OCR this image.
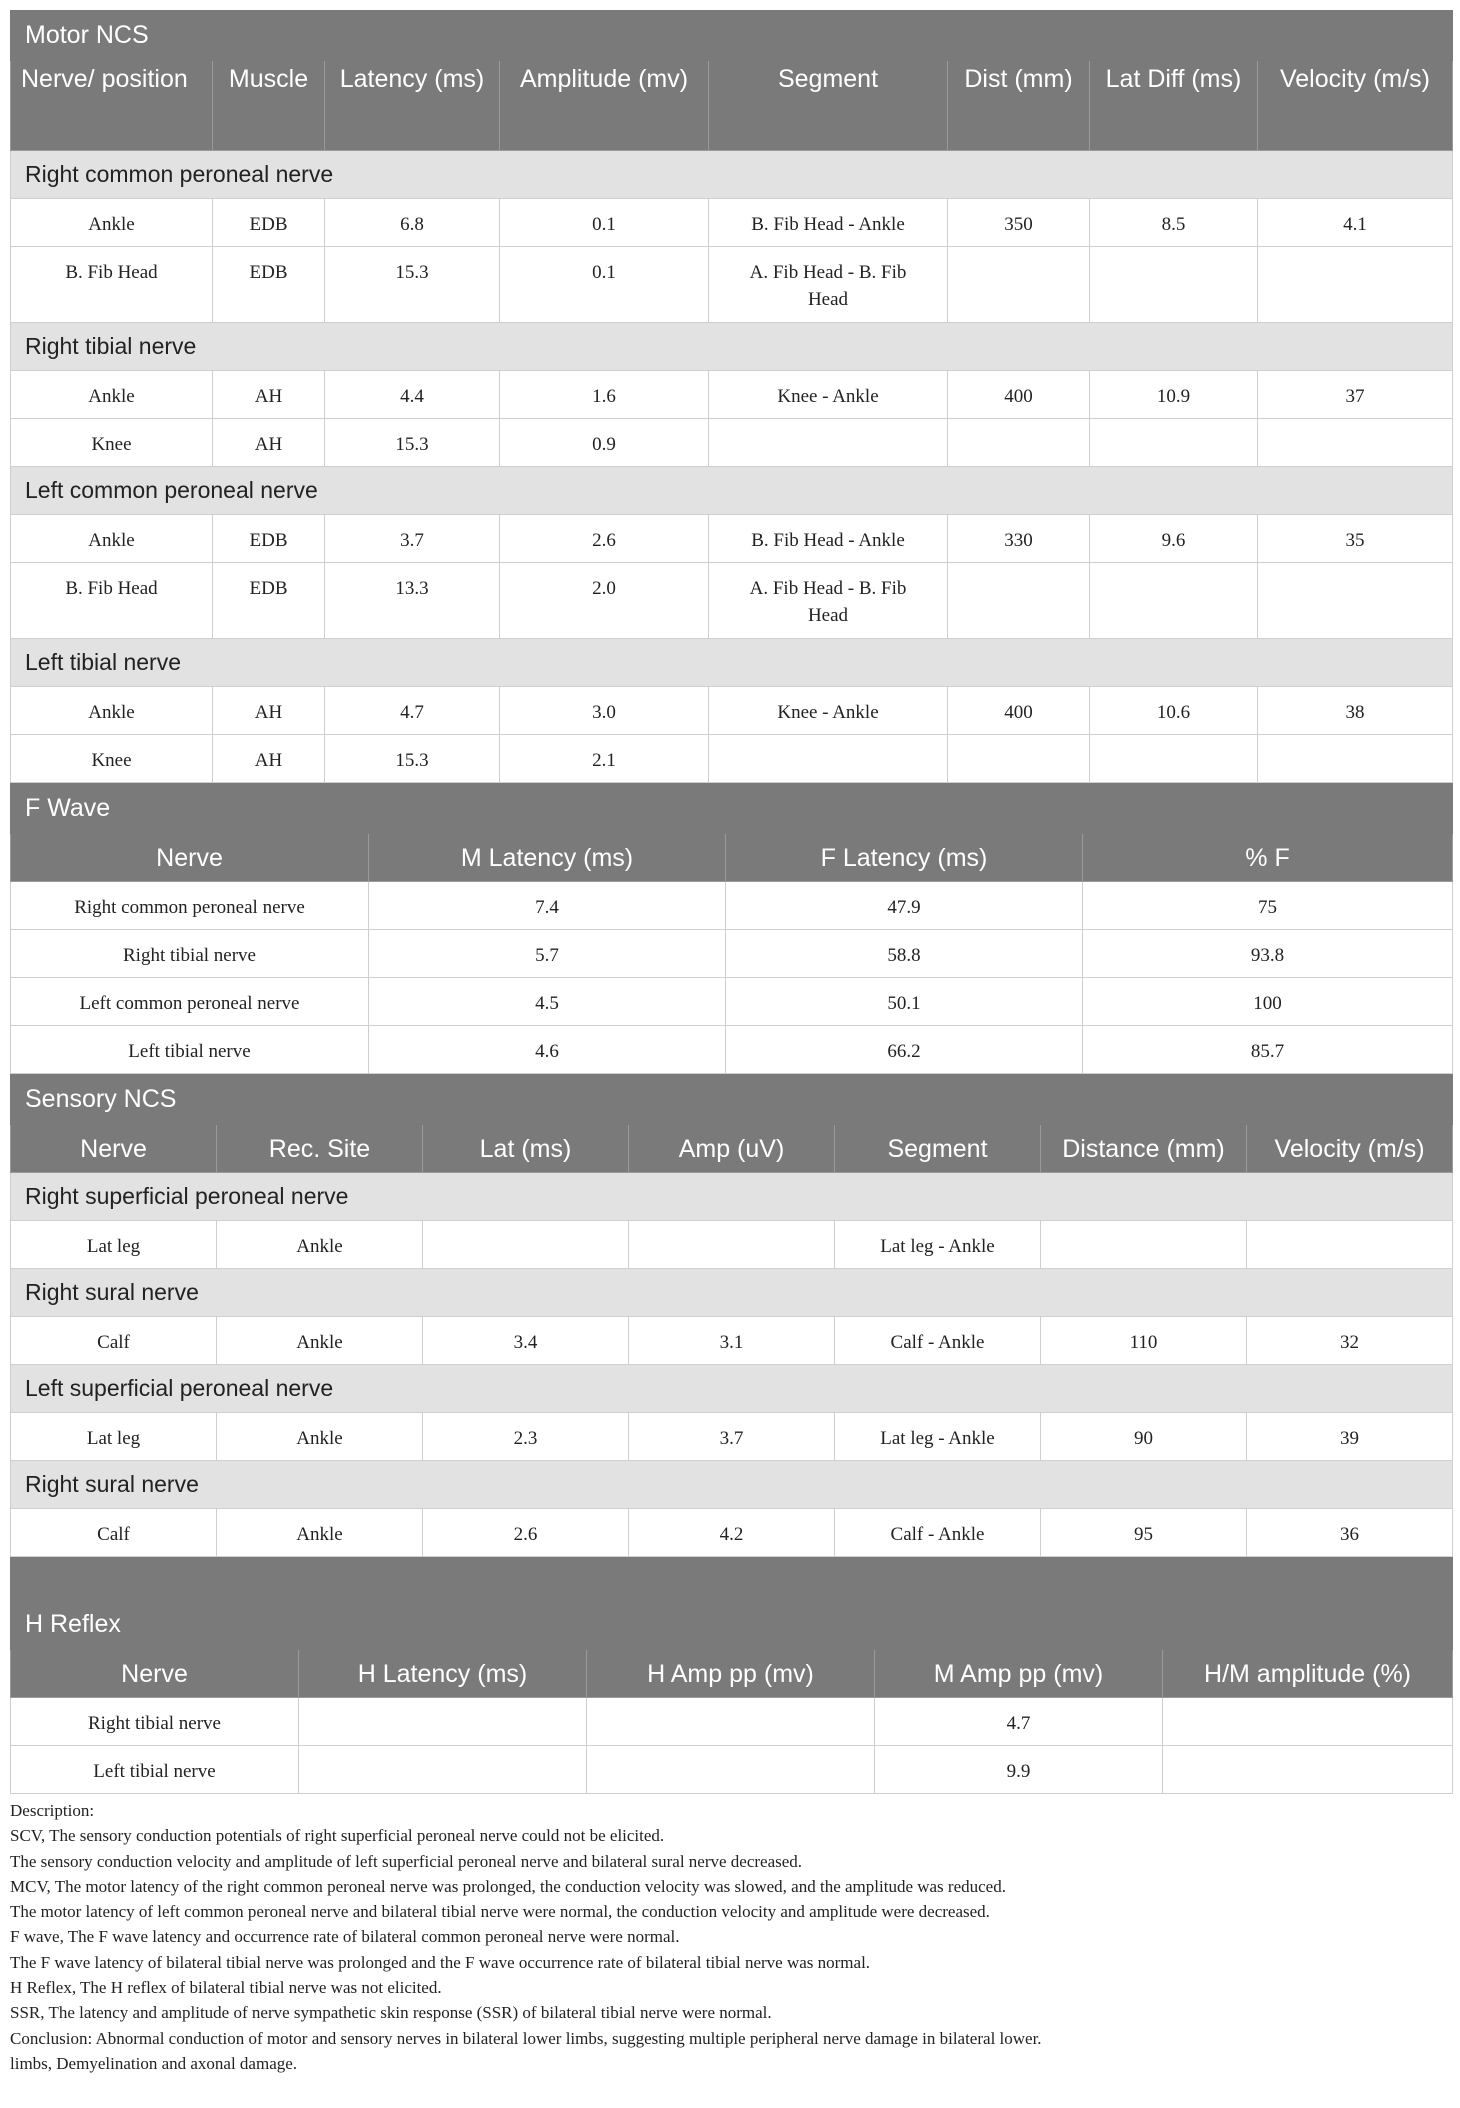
Motor NCS							
Nerve/ position	Muscle	Latency (ms)	Amplitude (mv)	Segment	Dist (mm)	Lat Diff (ms)	Velocity (m/s)
Right common peroneal nerve							
Ankle	EDB	6.8	0.1	B. Fib Head - Ankle	350	8.5	4.1
B. Fib Head	EDB	15.3	0.1	A. Fib Head - B. Fib Head			
Right tibial nerve							
Ankle	AH	4.4	1.6	Knee - Ankle	400	10.9	37
Knee	AH	15.3	0.9				
Left common peroneal nerve							
Ankle	EDB	3.7	2.6	B. Fib Head - Ankle	330	9.6	35
B. Fib Head	EDB	13.3	2.0	A. Fib Head - B. Fib Head			
Left tibial nerve							
Ankle	AH	4.7	3.0	Knee - Ankle	400	10.6	38
Knee	AH	15.3	2.1				
F Wave			
Nerve	M Latency (ms)	F Latency (ms)	% F
Right common peroneal nerve	7.4	47.9	75
Right tibial nerve	5.7	58.8	93.8
Left common peroneal nerve	4.5	50.1	100
Left tibial nerve	4.6	66.2	85.7
Sensory NCS						
Nerve	Rec. Site	Lat (ms)	Amp (uV)	Segment	Distance (mm)	Velocity (m/s)
Right superficial peroneal nerve						
Lat leg	Ankle			Lat leg - Ankle		
Right sural nerve						
Calf	Ankle	3.4	3.1	Calf - Ankle	110	32
Left superficial peroneal nerve						
Lat leg	Ankle	2.3	3.7	Lat leg - Ankle	90	39
Right sural nerve						
Calf	Ankle	2.6	4.2	Calf - Ankle	95	36

H Reflex				
Nerve	H Latency (ms)	H Amp pp (mv)	M Amp pp (mv)	H/M amplitude (%)
Right tibial nerve			4.7	
Left tibial nerve			9.9	
Description:
SCV, The sensory conduction potentials of right superficial peroneal nerve could not be elicited.
The sensory conduction velocity and amplitude of left superficial peroneal nerve and bilateral sural nerve decreased.
MCV, The motor latency of the right common peroneal nerve was prolonged, the conduction velocity was slowed, and the amplitude was reduced.
The motor latency of left common peroneal nerve and bilateral tibial nerve were normal, the conduction velocity and amplitude were decreased.
F wave, The F wave latency and occurrence rate of bilateral common peroneal nerve were normal.
The F wave latency of bilateral tibial nerve was prolonged and the F wave occurrence rate of bilateral tibial nerve was normal.
H Reflex, The H reflex of bilateral tibial nerve was not elicited.
SSR, The latency and amplitude of nerve sympathetic skin response (SSR) of bilateral tibial nerve were normal.
Conclusion: Abnormal conduction of motor and sensory nerves in bilateral lower limbs, suggesting multiple peripheral nerve damage in bilateral lower.
limbs, Demyelination and axonal damage.
